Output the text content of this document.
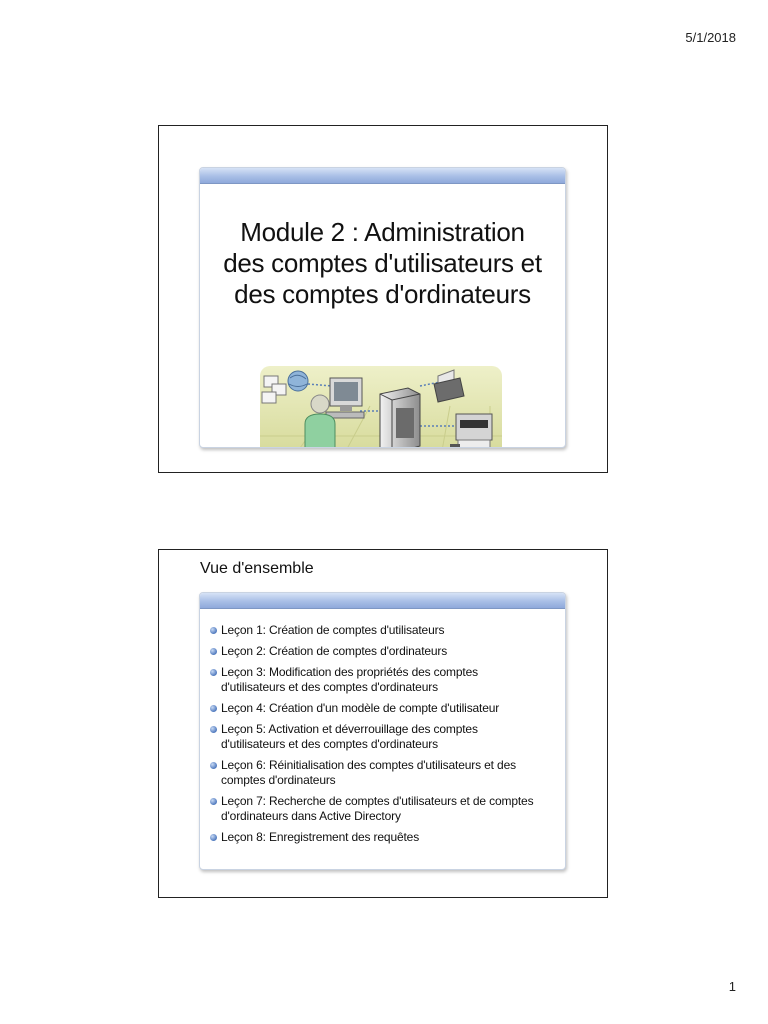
5/1/2018
Module 2 : Administration
des comptes d'utilisateurs et
des comptes d'ordinateurs
Vue d'ensemble
Leçon 1: Création de comptes d'utilisateurs
Leçon 2: Création de comptes d'ordinateurs
Leçon 3: Modification des propriétés des comptes
d'utilisateurs et des comptes d'ordinateurs
Leçon 4: Création d'un modèle de compte d'utilisateur
Leçon 5: Activation et déverrouillage des comptes
d'utilisateurs et des comptes d'ordinateurs
Leçon 6: Réinitialisation des comptes d'utilisateurs et des
comptes d'ordinateurs
Leçon 7: Recherche de comptes d'utilisateurs et de comptes
d'ordinateurs dans Active Directory
Leçon 8: Enregistrement des requêtes
1
